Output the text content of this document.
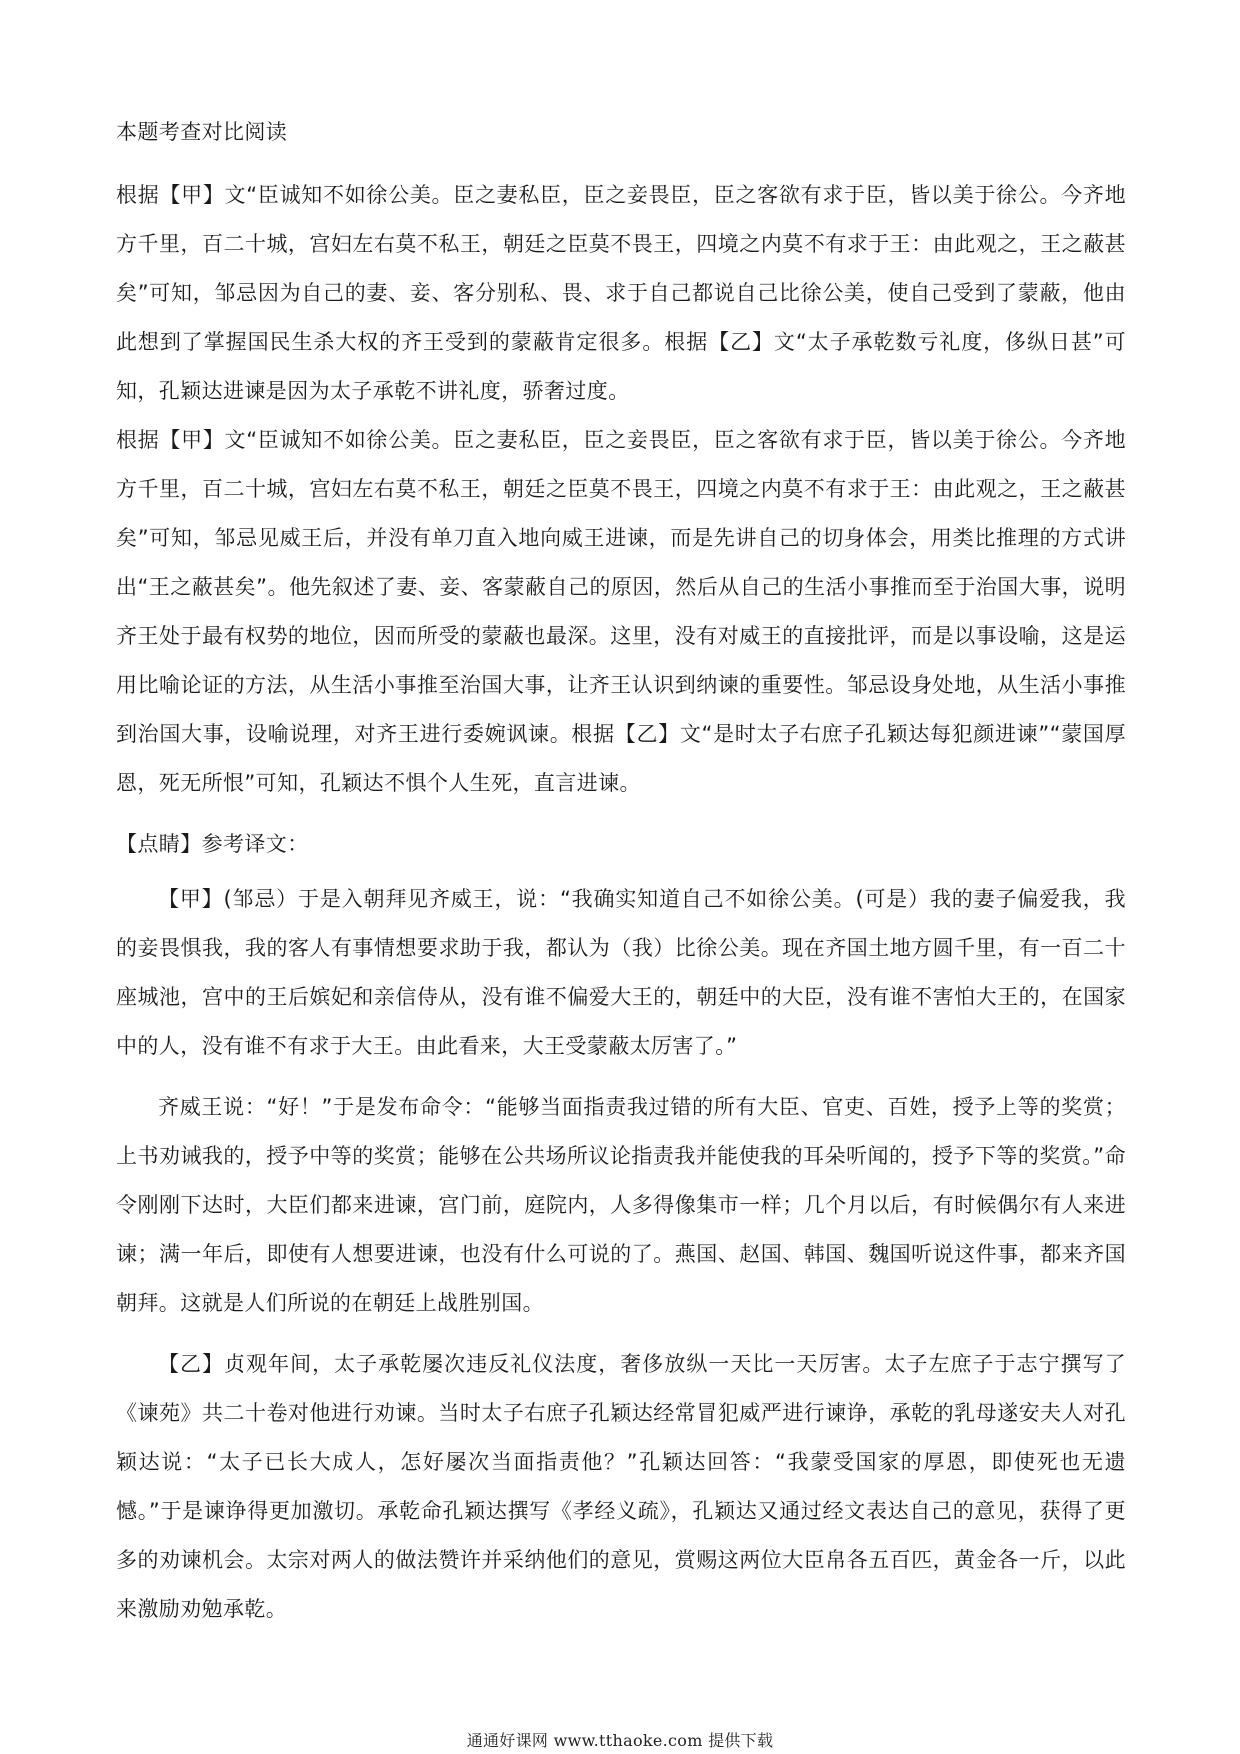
本题考查对比阅读

根据【甲】文“臣诚知不如徐公美。臣之妻私臣，臣之妾畏臣，臣之客欲有求于臣，皆以美于徐公。今齐地方千里，百二十城，宫妇左右莫不私王，朝廷之臣莫不畏王，四境之内莫不有求于王：由此观之，王之蔽甚矣”可知，邹忌因为自己的妻、妾、客分别私、畏、求于自己都说自己比徐公美，使自己受到了蒙蔽，他由此想到了掌握国民生杀大权的齐王受到的蒙蔽肯定很多。根据【乙】文“太子承乾数亏礼度，侈纵日甚”可知，孔颖达进谏是因为太子承乾不讲礼度，骄奢过度。

根据【甲】文“臣诚知不如徐公美。臣之妻私臣，臣之妾畏臣，臣之客欲有求于臣，皆以美于徐公。今齐地方千里，百二十城，宫妇左右莫不私王，朝廷之臣莫不畏王，四境之内莫不有求于王：由此观之，王之蔽甚矣”可知，邹忌见威王后，并没有单刀直入地向威王进谏，而是先讲自己的切身体会，用类比推理的方式讲出“王之蔽甚矣”。他先叙述了妻、妾、客蒙蔽自己的原因，然后从自己的生活小事推而至于治国大事，说明齐王处于最有权势的地位，因而所受的蒙蔽也最深。这里，没有对威王的直接批评，而是以事设喻，这是运用比喻论证的方法，从生活小事推至治国大事，让齐王认识到纳谏的重要性。邹忌设身处地，从生活小事推到治国大事，设喻说理，对齐王进行委婉讽谏。根据【乙】文“是时太子右庶子孔颖达每犯颜进谏”“蒙国厚恩，死无所恨”可知，孔颖达不惧个人生死，直言进谏。

【点睛】参考译文：

【甲】(邹忌）于是入朝拜见齐威王，说：“我确实知道自己不如徐公美。(可是）我的妻子偏爱我，我的妾畏惧我，我的客人有事情想要求助于我，都认为（我）比徐公美。现在齐国土地方圆千里，有一百二十座城池，宫中的王后嫔妃和亲信侍从，没有谁不偏爱大王的，朝廷中的大臣，没有谁不害怕大王的，在国家中的人，没有谁不有求于大王。由此看来，大王受蒙蔽太厉害了。”

齐威王说：“好！”于是发布命令：“能够当面指责我过错的所有大臣、官吏、百姓，授予上等的奖赏；上书劝诫我的，授予中等的奖赏；能够在公共场所议论指责我并能使我的耳朵听闻的，授予下等的奖赏。”命令刚刚下达时，大臣们都来进谏，宫门前，庭院内，人多得像集市一样；几个月以后，有时候偶尔有人来进谏；满一年后，即使有人想要进谏，也没有什么可说的了。燕国、赵国、韩国、魏国听说这件事，都来齐国朝拜。这就是人们所说的在朝廷上战胜别国。

【乙】贞观年间，太子承乾屡次违反礼仪法度，奢侈放纵一天比一天厉害。太子左庶子于志宁撰写了《谏苑》共二十卷对他进行劝谏。当时太子右庶子孔颖达经常冒犯威严进行谏诤，承乾的乳母遂安夫人对孔颖达说：“太子已长大成人，怎好屡次当面指责他？”孔颖达回答：“我蒙受国家的厚恩，即使死也无遗憾。”于是谏诤得更加激切。承乾命孔颖达撰写《孝经义疏》，孔颖达又通过经文表达自己的意见，获得了更多的劝谏机会。太宗对两人的做法赞许并采纳他们的意见，赏赐这两位大臣帛各五百匹，黄金各一斤，以此来激励劝勉承乾。

通通好课网 www.tthaoke.com 提供下载
